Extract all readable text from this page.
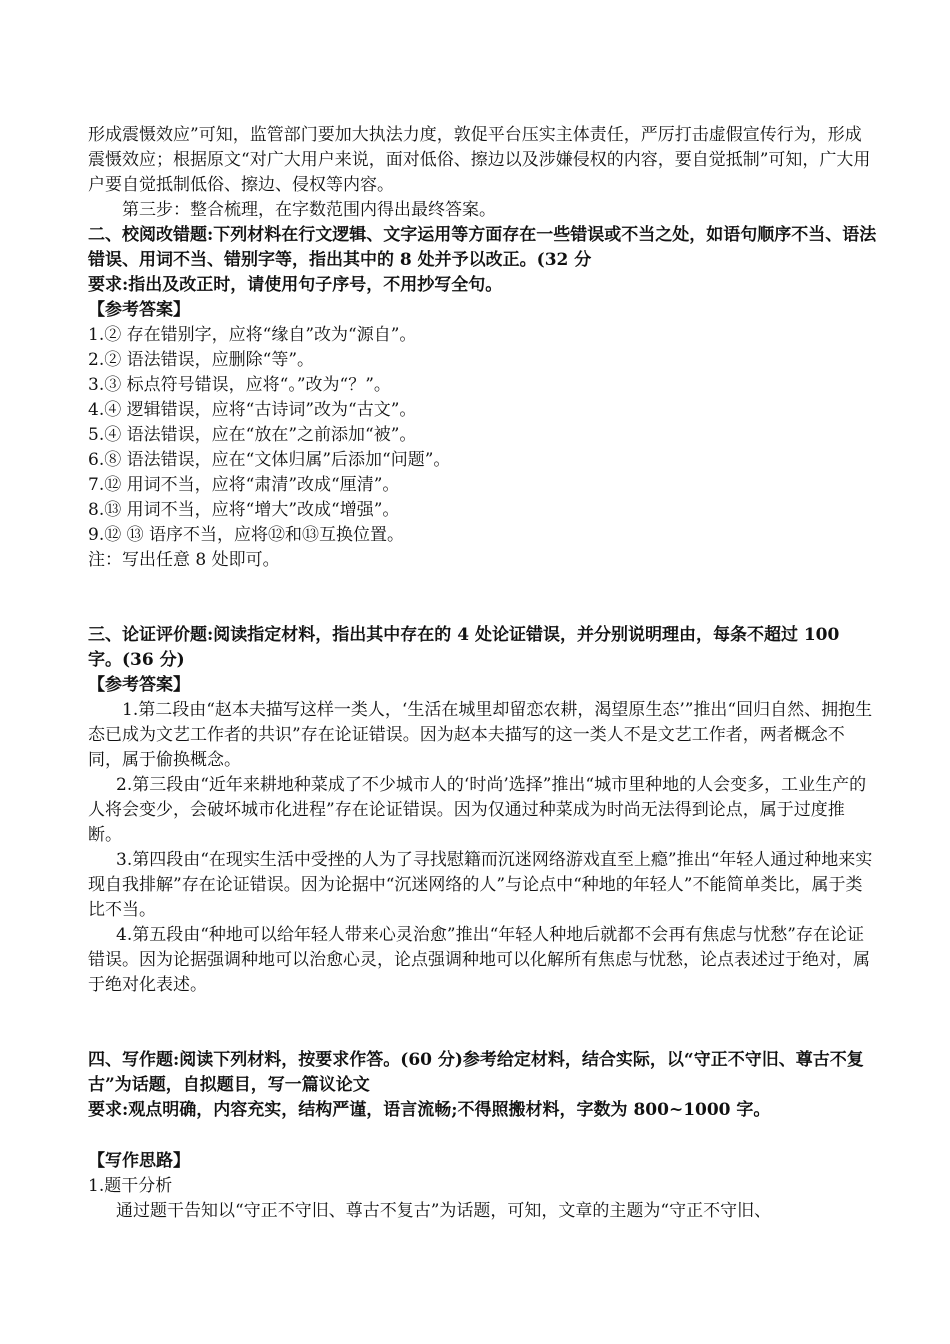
形成震慑效应”可知，监管部门要加大执法力度，敦促平台压实主体责任，严厉打击虚假宣传行为，形成震慑效应；根据原文“对广大用户来说，面对低俗、擦边以及涉嫌侵权的内容，要自觉抵制”可知，广大用户要自觉抵制低俗、擦边、侵权等内容。

第三步：整合梳理，在字数范围内得出最终答案。

二、校阅改错题:下列材料在行文逻辑、文字运用等方面存在一些错误或不当之处，如语句顺序不当、语法错误、用词不当、错别字等，指出其中的 8 处并予以改正。(32 分

要求:指出及改正时，请使用句子序号，不用抄写全句。

【参考答案】

1.② 存在错别字，应将“缘自”改为“源自”。

2.② 语法错误，应删除“等”。

3.③ 标点符号错误，应将“。”改为“？”。

4.④ 逻辑错误，应将“古诗词”改为“古文”。

5.④ 语法错误，应在“放在”之前添加“被”。

6.⑧ 语法错误，应在“文体归属”后添加“问题”。

7.⑫ 用词不当，应将“肃清”改成“厘清”。

8.⑬ 用词不当，应将“增大”改成“增强”。

9.⑫ ⑬ 语序不当，应将⑫和⑬互换位置。

注：写出任意 8 处即可。

三、论证评价题:阅读指定材料，指出其中存在的 4 处论证错误，并分别说明理由，每条不超过 100 字。(36 分)

【参考答案】

1.第二段由“赵本夫描写这样一类人，‘生活在城里却留恋农耕，渴望原生态’”推出“回归自然、拥抱生态已成为文艺工作者的共识”存在论证错误。因为赵本夫描写的这一类人不是文艺工作者，两者概念不同，属于偷换概念。

2.第三段由“近年来耕地种菜成了不少城市人的‘时尚’选择”推出“城市里种地的人会变多，工业生产的人将会变少，会破坏城市化进程”存在论证错误。因为仅通过种菜成为时尚无法得到论点，属于过度推断。

3.第四段由“在现实生活中受挫的人为了寻找慰籍而沉迷网络游戏直至上瘾”推出“年轻人通过种地来实现自我排解”存在论证错误。因为论据中“沉迷网络的人”与论点中“种地的年轻人”不能简单类比，属于类比不当。

4.第五段由“种地可以给年轻人带来心灵治愈”推出“年轻人种地后就都不会再有焦虑与忧愁”存在论证错误。因为论据强调种地可以治愈心灵，论点强调种地可以化解所有焦虑与忧愁，论点表述过于绝对，属于绝对化表述。

四、写作题:阅读下列材料，按要求作答。(60 分)参考给定材料，结合实际，以“守正不守旧、尊古不复古”为话题，自拟题目，写一篇议论文

要求:观点明确，内容充实，结构严谨，语言流畅;不得照搬材料，字数为 800~1000 字。

【写作思路】

1.题干分析

通过题干告知以“守正不守旧、尊古不复古”为话题，可知，文章的主题为“守正不守旧、
